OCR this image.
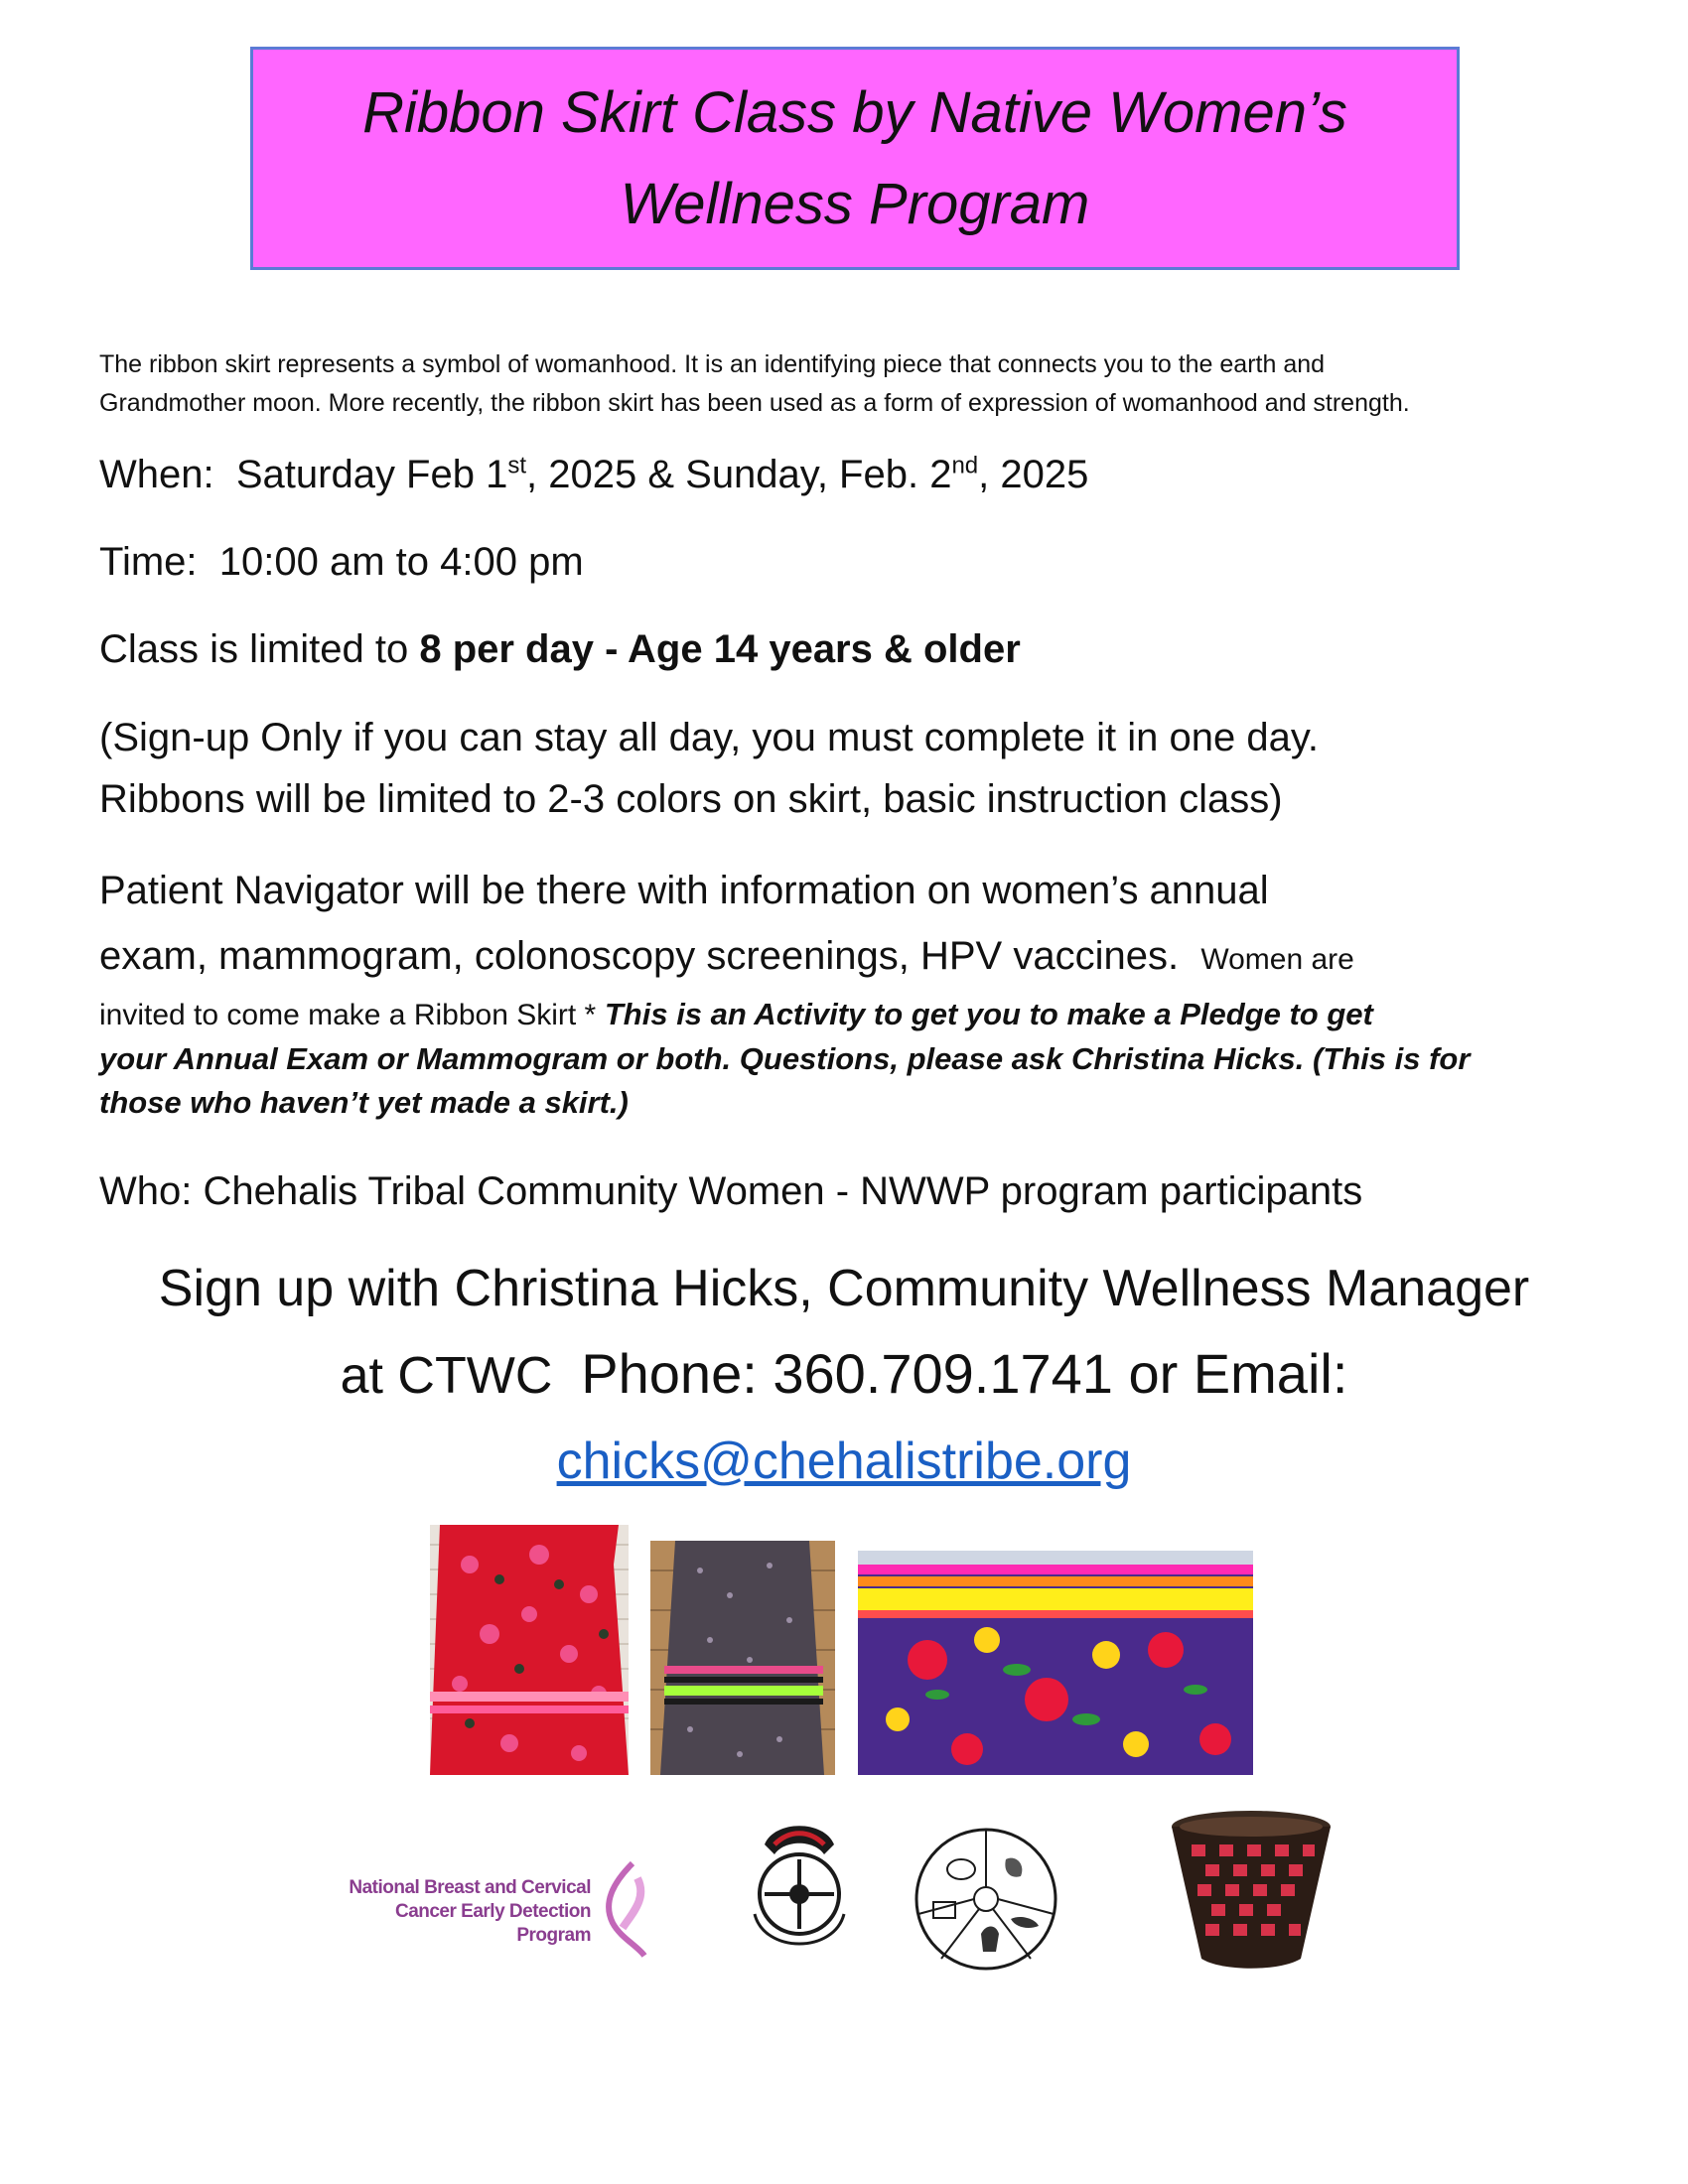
Ribbon Skirt Class by Native Women’s
Wellness Program
The ribbon skirt represents a symbol of womanhood. It is an identifying piece that connects you to the earth and
Grandmother moon. More recently, the ribbon skirt has been used as a form of expression of womanhood and strength.
When: Saturday Feb 1st, 2025 & Sunday, Feb. 2nd, 2025
Time: 10:00 am to 4:00 pm
Class is limited to 8 per day - Age 14 years & older
(Sign-up Only if you can stay all day, you must complete it in one day.
Ribbons will be limited to 2-3 colors on skirt, basic instruction class)
Patient Navigator will be there with information on women’s annual
exam, mammogram, colonoscopy screenings, HPV vaccines. Women are
invited to come make a Ribbon Skirt * This is an Activity to get you to make a Pledge to get
your Annual Exam or Mammogram or both. Questions, please ask Christina Hicks. (This is for
those who haven’t yet made a skirt.)
Who: Chehalis Tribal Community Women - NWWP program participants
Sign up with Christina Hicks, Community Wellness Manager
at CTWC Phone: 360.709.1741 or Email:
chicks@chehalistribe.org
National Breast and Cervical
Cancer Early Detection Program
